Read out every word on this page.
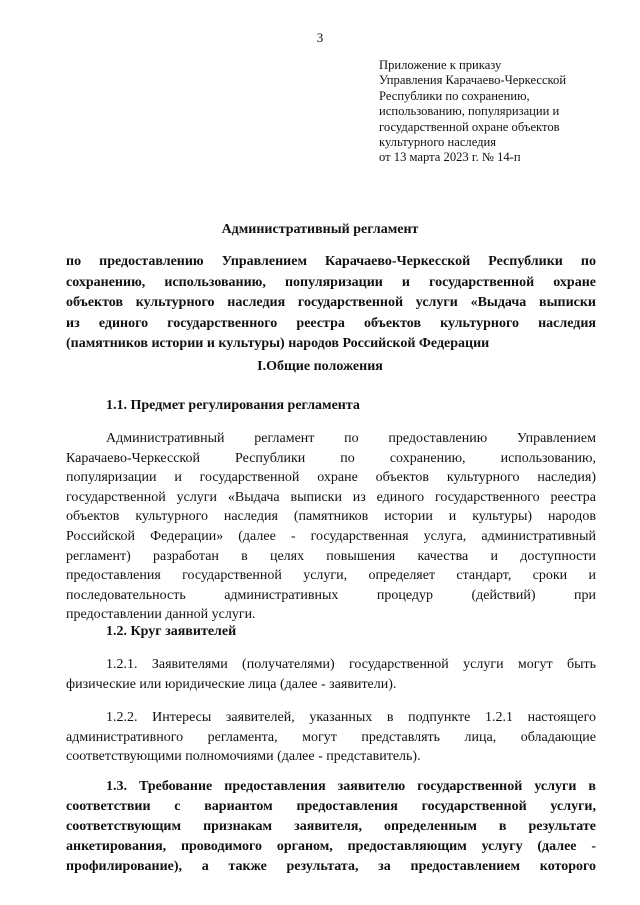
3
Приложение к приказу
Управления Карачаево-Черкесской
Республики по сохранению,
использованию, популяризации и
государственной охране объектов
культурного наследия
от 13 марта 2023 г. № 14-п
Административный регламент
по предоставлению Управлением Карачаево-Черкесской Республики по
сохранению, использованию, популяризации и государственной охране
объектов культурного наследия государственной услуги «Выдача выписки
из единого государственного реестра объектов культурного наследия
(памятников истории и культуры) народов Российской Федерации
I.Общие положения
1.1. Предмет регулирования регламента
Административный регламент по предоставлению Управлением
Карачаево-Черкесской Республики по сохранению, использованию,
популяризации и государственной охране объектов культурного наследия)
государственной услуги «Выдача выписки из единого государственного реестра
объектов культурного наследия (памятников истории и культуры) народов
Российской Федерации» (далее - государственная услуга, административный
регламент) разработан в целях повышения качества и доступности
предоставления государственной услуги, определяет стандарт, сроки и
последовательность административных процедур (действий) при
предоставлении данной услуги.
1.2. Круг заявителей
1.2.1. Заявителями (получателями) государственной услуги могут быть
физические или юридические лица (далее - заявители).
1.2.2. Интересы заявителей, указанных в подпункте 1.2.1 настоящего
административного регламента, могут представлять лица, обладающие
соответствующими полномочиями (далее - представитель).
1.3. Требование предоставления заявителю государственной услуги в
соответствии с вариантом предоставления государственной услуги,
соответствующим признакам заявителя, определенным в результате
анкетирования, проводимого органом, предоставляющим услугу (далее -
профилирование), а также результата, за предоставлением которого
